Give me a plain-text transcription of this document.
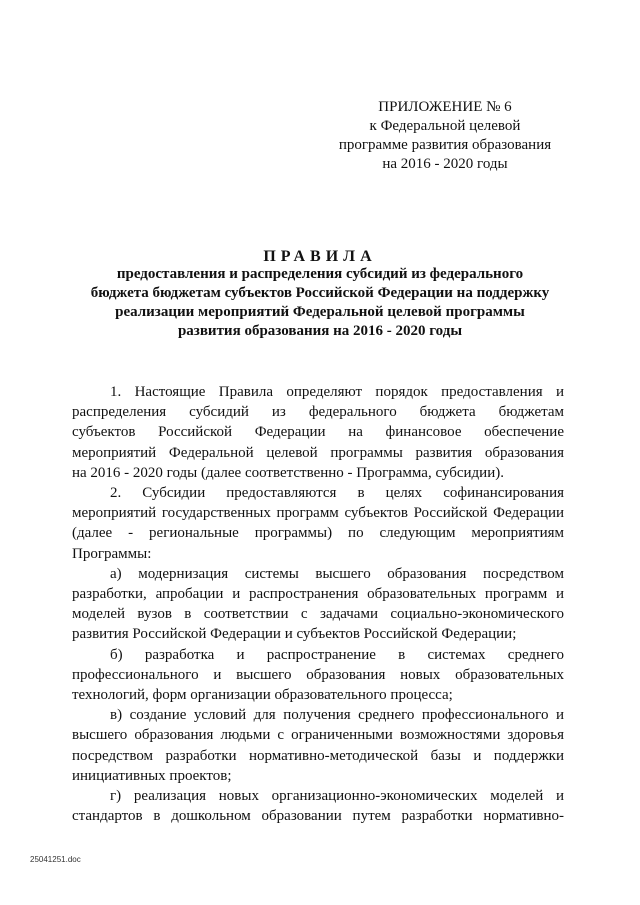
ПРИЛОЖЕНИЕ № 6
к Федеральной целевой
программе развития образования
на 2016 - 2020 годы
ПРАВИЛА
предоставления и распределения субсидий из федерального
бюджета бюджетам субъектов Российской Федерации на поддержку
реализации мероприятий Федеральной целевой программы
развития образования на 2016 - 2020 годы
1. Настоящие Правила определяют порядок предоставления и
распределения субсидий из федерального бюджета бюджетам
субъектов Российской Федерации на финансовое обеспечение
мероприятий Федеральной целевой программы развития образования
на 2016 - 2020 годы (далее соответственно - Программа, субсидии).
2. Субсидии предоставляются в целях софинансирования
мероприятий государственных программ субъектов Российской Федерации
(далее - региональные программы) по следующим мероприятиям
Программы:
а) модернизация системы высшего образования посредством
разработки, апробации и распространения образовательных программ и
моделей вузов в соответствии с задачами социально-экономического
развития Российской Федерации и субъектов Российской Федерации;
б) разработка и распространение в системах среднего
профессионального и высшего образования новых образовательных
технологий, форм организации образовательного процесса;
в) создание условий для получения среднего профессионального и
высшего образования людьми с ограниченными возможностями здоровья
посредством разработки нормативно-методической базы и поддержки
инициативных проектов;
г) реализация новых организационно-экономических моделей и
стандартов в дошкольном образовании путем разработки нормативно-
25041251.doc
